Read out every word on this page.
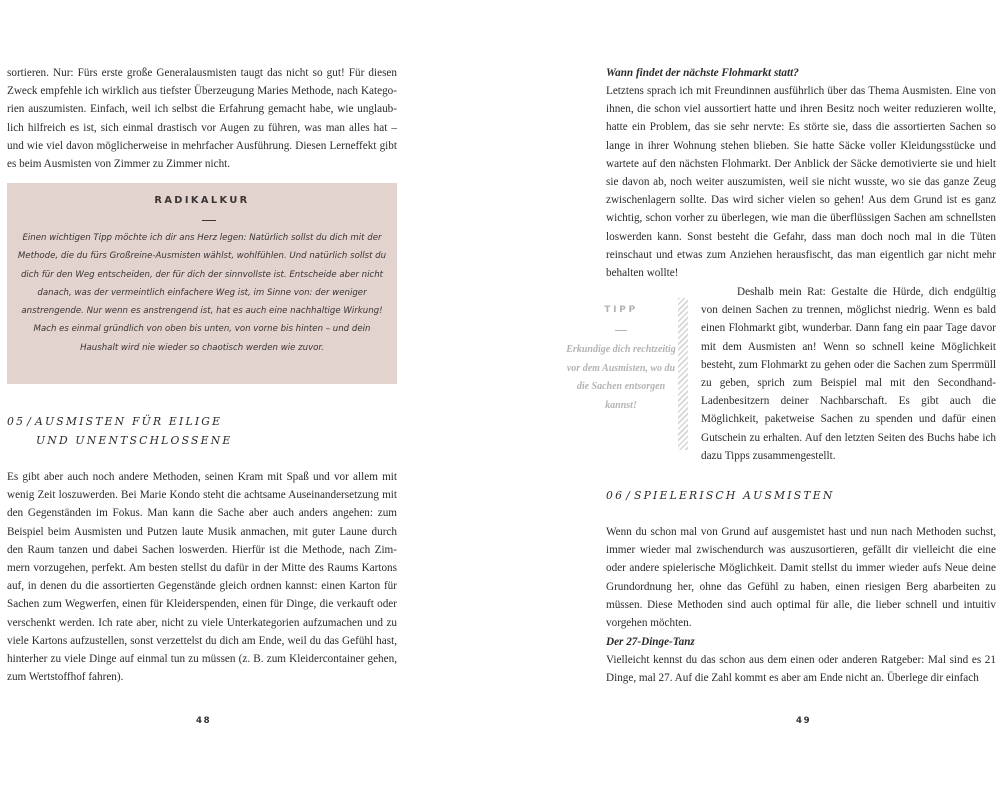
sortieren. Nur: Fürs erste große Generalausmisten taugt das nicht so gut! Für diesen Zweck empfehle ich wirklich aus tiefster Überzeugung Maries Methode, nach Kategorien auszumisten. Einfach, weil ich selbst die Erfahrung gemacht habe, wie unglaublich hilfreich es ist, sich einmal drastisch vor Augen zu führen, was man alles hat – und wie viel davon möglicherweise in mehrfacher Ausführung. Diesen Lerneffekt gibt es beim Ausmisten von Zimmer zu Zimmer nicht.

RADIKALKUR

Einen wichtigen Tipp möchte ich dir ans Herz legen: Natürlich sollst du dich mit der Methode, die du fürs Großreine-Ausmisten wählst, wohlfühlen. Und natürlich sollst du dich für den Weg entscheiden, der für dich der sinnvollste ist. Entscheide aber nicht danach, was der vermeintlich einfachere Weg ist, im Sinne von: der weniger anstrengende. Nur wenn es anstrengend ist, hat es auch eine nachhaltige Wirkung! Mach es einmal gründlich von oben bis unten, von vorne bis hinten – und dein Haushalt wird nie wieder so chaotisch werden wie zuvor.

05 / AUSMISTEN FÜR EILIGE
UND UNENTSCHLOSSENE

Es gibt aber auch noch andere Methoden, seinen Kram mit Spaß und vor allem mit wenig Zeit loszuwerden. Bei Marie Kondo steht die achtsame Auseinandersetzung mit den Gegenständen im Fokus. Man kann die Sache aber auch anders angehen: zum Beispiel beim Ausmisten und Putzen laute Musik anmachen, mit guter Laune durch den Raum tanzen und dabei Sachen loswerden. Hierfür ist die Methode, nach Zimmern vorzugehen, perfekt. Am besten stellst du dafür in der Mitte des Raums Kartons auf, in denen du die assortierten Gegenstände gleich ordnen kannst: einen Karton für Sachen zum Wegwerfen, einen für Kleiderspenden, einen für Dinge, die verkauft oder verschenkt werden. Ich rate aber, nicht zu viele Unterkategorien aufzumachen und zu viele Kartons aufzustellen, sonst verzettelst du dich am Ende, weil du das Gefühl hast, hinterher zu viele Dinge auf einmal tun zu müssen (z. B. zum Kleidercontainer gehen, zum Wertstoffhof fahren).

48

Wann findet der nächste Flohmarkt statt?

Letztens sprach ich mit Freundinnen ausführlich über das Thema Ausmisten. Eine von ihnen, die schon viel aussortiert hatte und ihren Besitz noch weiter reduzieren wollte, hatte ein Problem, das sie sehr nervte: Es störte sie, dass die assortierten Sachen so lange in ihrer Wohnung stehen blieben. Sie hatte Säcke voller Kleidungsstücke und wartete auf den nächsten Flohmarkt. Der Anblick der Säcke demotivierte sie und hielt sie davon ab, noch weiter auszumisten, weil sie nicht wusste, wo sie das ganze Zeug zwischenlagern sollte. Das wird sicher vielen so gehen! Aus dem Grund ist es ganz wichtig, schon vorher zu überlegen, wie man die überflüssigen Sachen am schnellsten loswerden kann. Sonst besteht die Gefahr, dass man doch noch mal in die Tüten reinschaut und etwas zum Anziehen herausfischt, das man eigentlich gar nicht mehr behalten wollte!

Deshalb mein Rat: Gestalte die Hürde, dich endgültig von deinen Sachen zu trennen, möglichst niedrig. Wenn es bald einen Flohmarkt gibt, wunderbar. Dann fang ein paar Tage davor mit dem Ausmisten an! Wenn so schnell keine Möglichkeit besteht, zum Flohmarkt zu gehen oder die Sachen zum Sperrmüll zu geben, sprich zum Beispiel mal mit den Secondhand-Ladenbesitzern deiner Nachbarschaft. Es gibt auch die Möglichkeit, paketweise Sachen zu spenden und dafür einen Gutschein zu erhalten. Auf den letzten Seiten des Buchs habe ich dazu Tipps zusammengestellt.

49
06 / SPIELERISCH AUSMISTEN

Wenn du schon mal von Grund auf ausgemistet hast und nun nach Methoden suchst, immer wieder mal zwischendurch was auszusortieren, gefällt dir vielleicht die eine oder andere spielerische Möglichkeit. Damit stellst du immer wieder aufs Neue deine Grundordnung her, ohne das Gefühl zu haben, einen riesigen Berg abarbeiten zu müssen. Diese Methoden sind auch optimal für alle, die lieber schnell und intuitiv vorgehen möchten.

Der 27-Dinge-Tanz

Vielleicht kennst du das schon aus dem einen oder anderen Ratgeber: Mal sind es 21 Dinge, mal 27. Auf die Zahl kommt es aber am Ende nicht an. Überlege dir einfach

TIPP

Erkundige dich rechtzeitig vor dem Ausmisten, wo du die Sachen entsorgen kannst!
